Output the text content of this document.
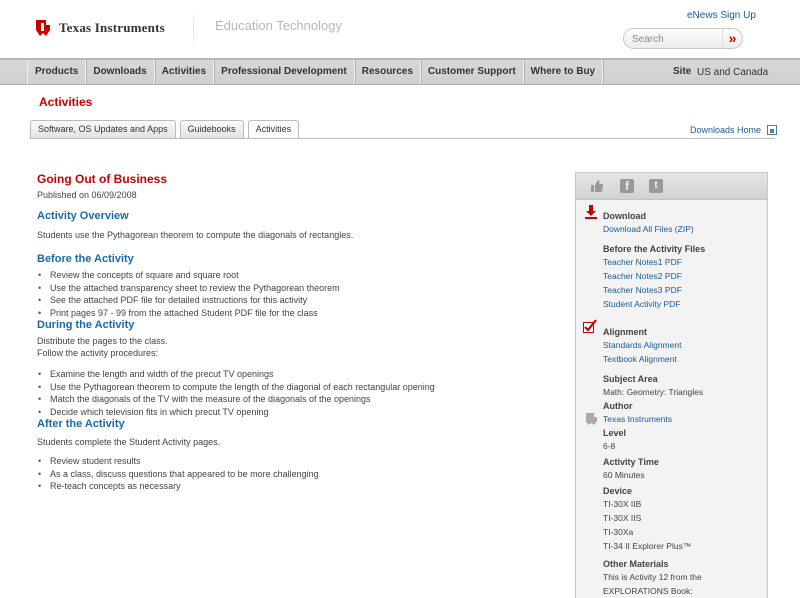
Texas Instruments	Education Technology
eNews Sign Up
Search
»
Products	Downloads	Activities	Professional Development	Resources	Customer Support	Where to Buy	Site US and Canada
Activities
Software, OS Updates and Apps	Guidebooks	Activities	Downloads Home
Going Out of Business
Published on 06/09/2008
Activity Overview
Students use the Pythagorean theorem to compute the diagonals of rectangles.
Before the Activity
• Review the concepts of square and square root
• Use the attached transparency sheet to review the Pythagorean theorem
• See the attached PDF file for detailed instructions for this activity
• Print pages 97 - 99 from the attached Student PDF file for the class
During the Activity
Distribute the pages to the class.
Follow the activity procedures:
• Examine the length and width of the precut TV openings
• Use the Pythagorean theorem to compute the length of the diagonal of each rectangular opening
• Match the diagonals of the TV with the measure of the diagonals of the openings
• Decide which television fits in which precut TV opening
After the Activity
Students complete the Student Activity pages.
• Review student results
• As a class, discuss questions that appeared to be more challenging
• Re-teach concepts as necessary
f	t
Download
Download All Files (ZIP)
Before the Activity Files
Teacher Notes1 PDF
Teacher Notes2 PDF
Teacher Notes3 PDF
Student Activity PDF
Alignment
Standards Alignment
Textbook Alignment
Subject Area
Math: Geometry: Triangles
Author
Texas Instruments
Level
6-8
Activity Time
60 Minutes
Device
TI-30X IIB
TI-30X IIS
TI-30Xa
TI-34 II Explorer Plus™
Other Materials
This is Activity 12 from the
EXPLORATIONS Book:
